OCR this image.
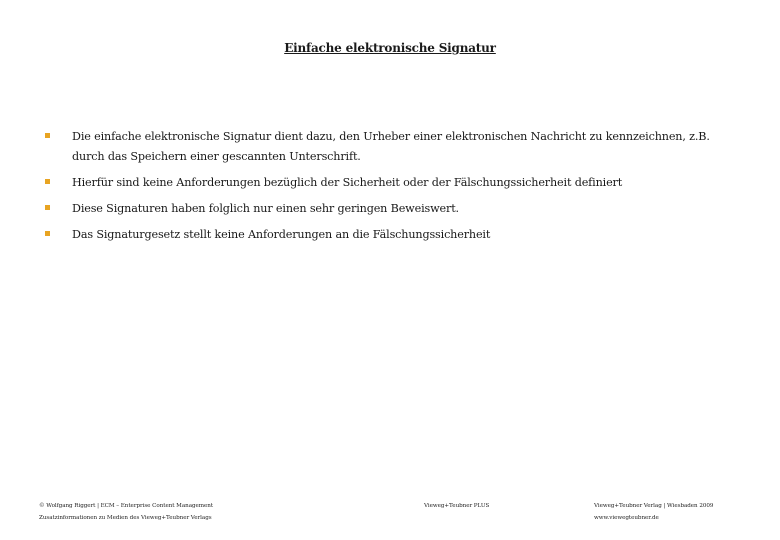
Einfache elektronische Signatur
Die einfache elektronische Signatur dient dazu, den Urheber einer elektronischen Nachricht zu kennzeichnen, z.B. durch das Speichern einer gescannten Unterschrift.
Hierfür sind keine Anforderungen bezüglich der Sicherheit oder der Fälschungssicherheit definiert
Diese Signaturen haben folglich nur einen sehr geringen Beweiswert.
Das Signaturgesetz stellt keine Anforderungen an die Fälschungssicherheit
© Wolfgang Riggert | ECM – Enterprise Content Management
Zusatzinformationen zu Medien des Vieweg+Teubner Verlags
Vieweg+Teubner PLUS	Vieweg+Teubner Verlag | Wiesbaden 2009
www.viewegteubner.de
